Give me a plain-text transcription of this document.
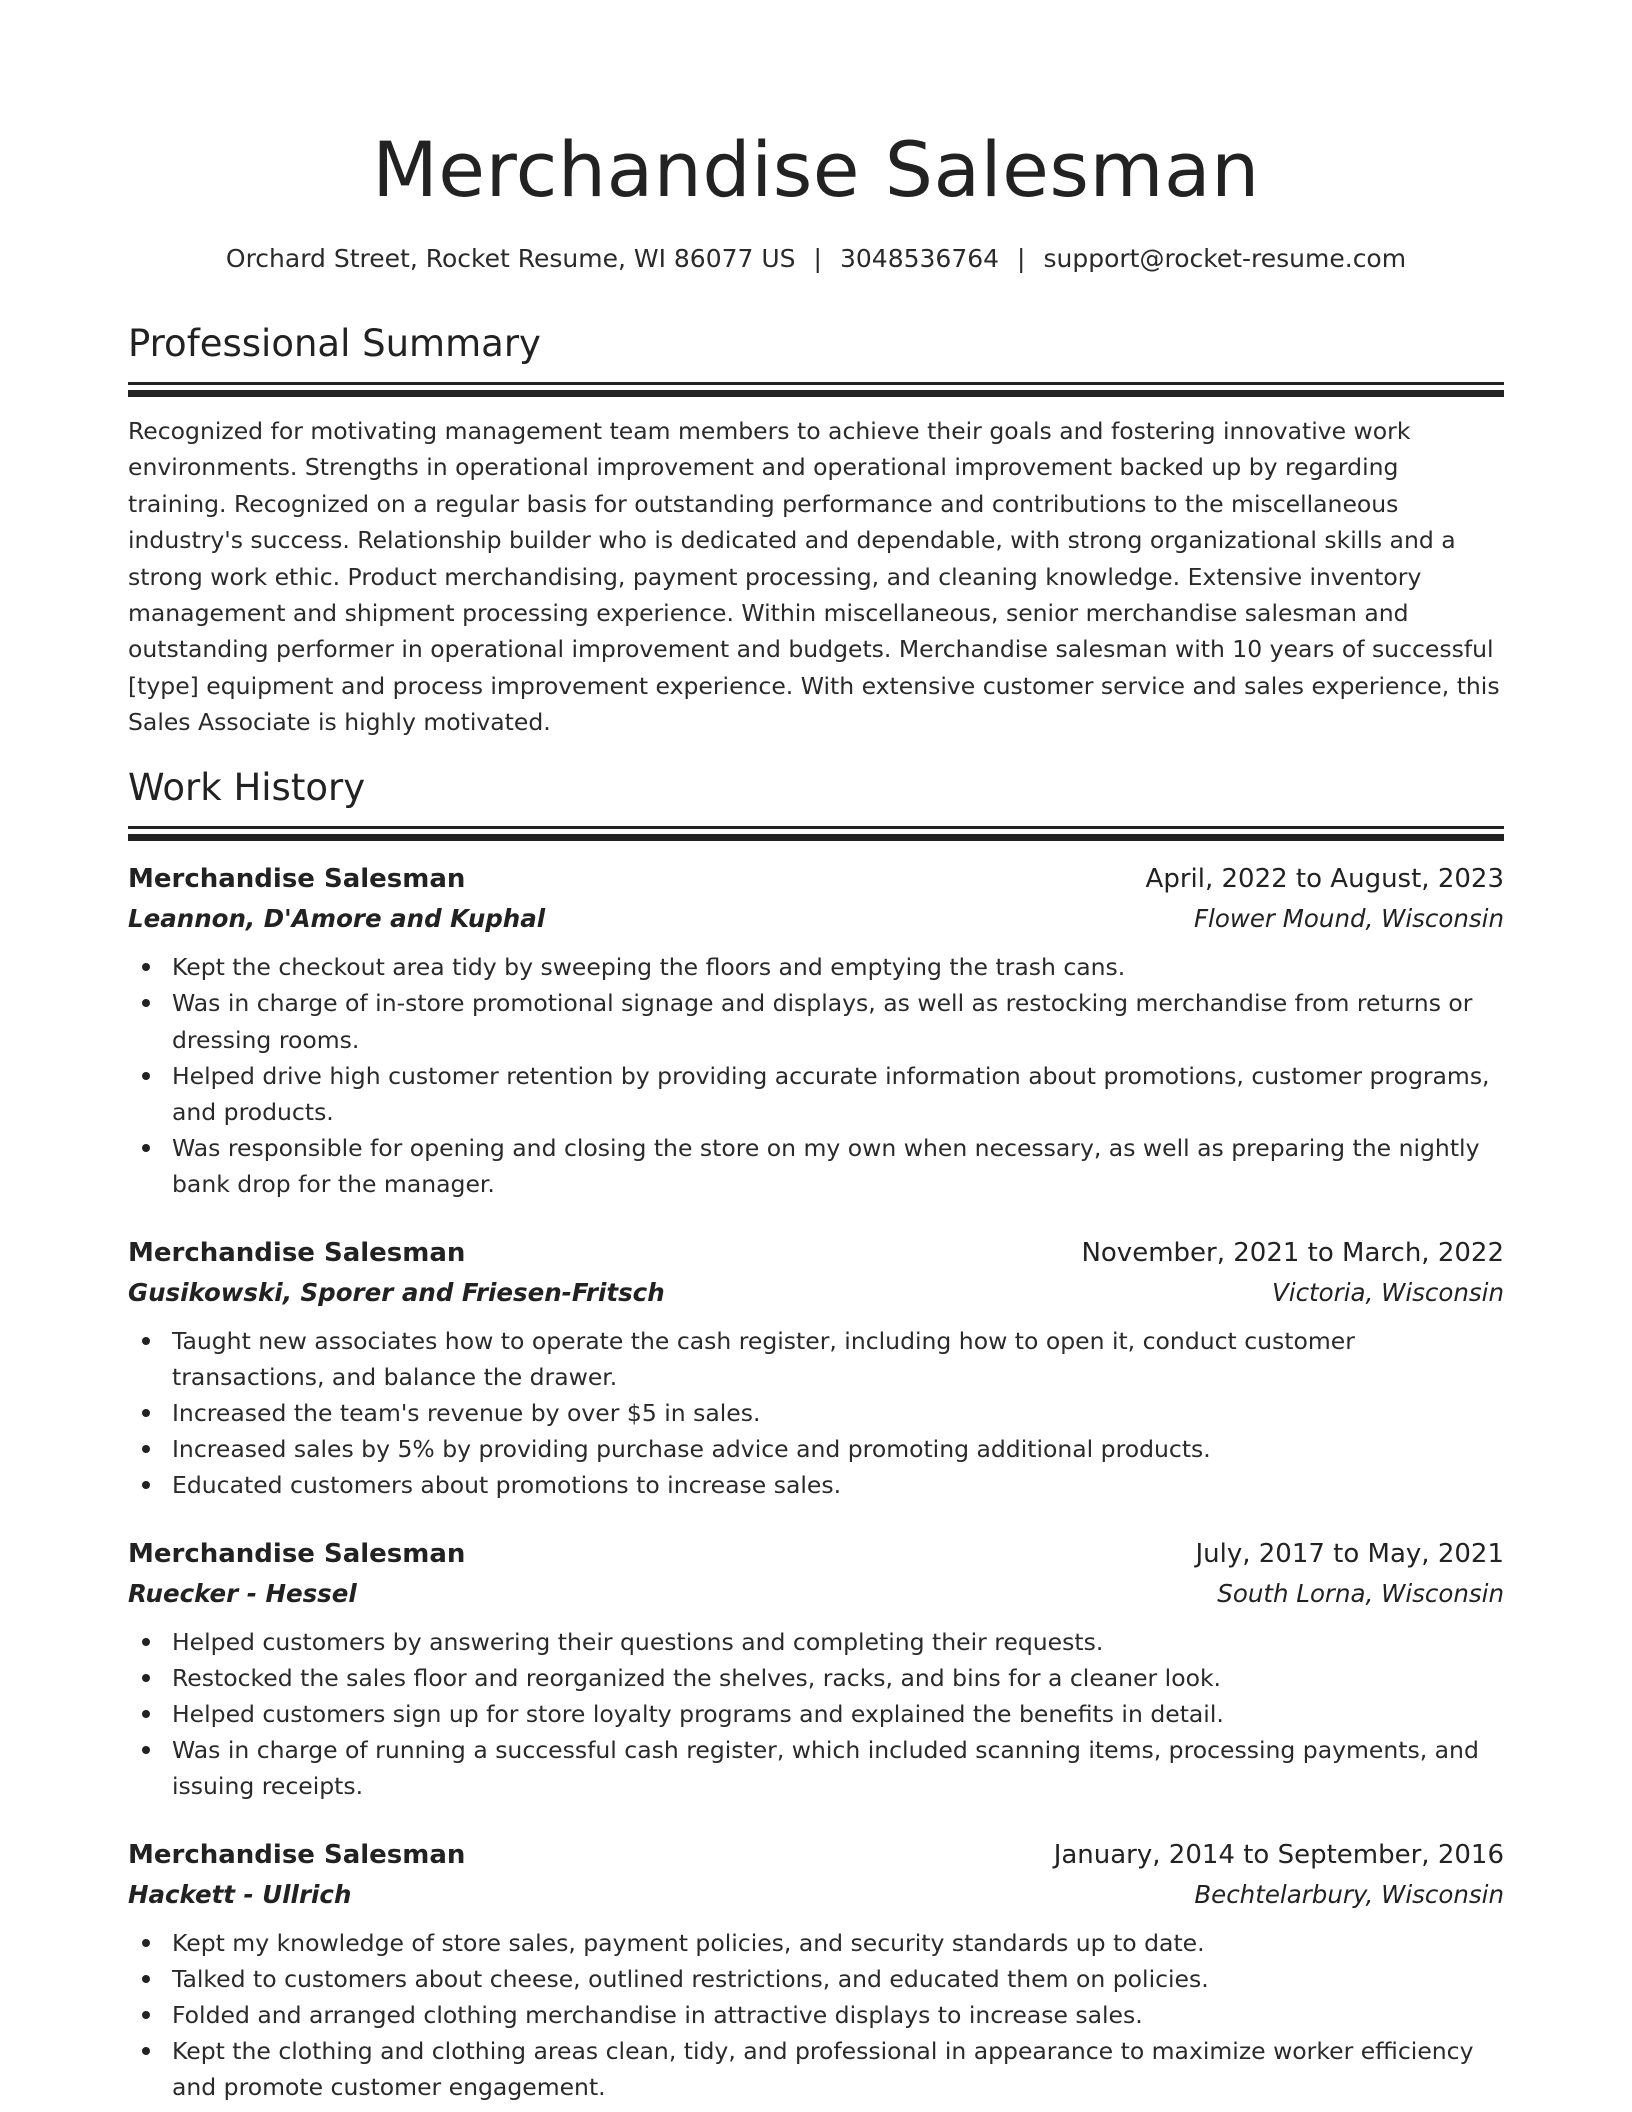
Merchandise Salesman
Orchard Street, Rocket Resume, WI 86077 US | 3048536764 | support@rocket-resume.com
Professional Summary

Recognized for motivating management team members to achieve their goals and fostering innovative work environments. Strengths in operational improvement and operational improvement backed up by regarding training. Recognized on a regular basis for outstanding performance and contributions to the miscellaneous industry's success. Relationship builder who is dedicated and dependable, with strong organizational skills and a strong work ethic. Product merchandising, payment processing, and cleaning knowledge. Extensive inventory management and shipment processing experience. Within miscellaneous, senior merchandise salesman and outstanding performer in operational improvement and budgets. Merchandise salesman with 10 years of successful [type] equipment and process improvement experience. With extensive customer service and sales experience, this Sales Associate is highly motivated.

Work History
Merchandise Salesman	April, 2022 to August, 2023
Leannon, D'Amore and Kuphal	Flower Mound, Wisconsin
Kept the checkout area tidy by sweeping the floors and emptying the trash cans.
Was in charge of in-store promotional signage and displays, as well as restocking merchandise from returns or dressing rooms.
Helped drive high customer retention by providing accurate information about promotions, customer programs, and products.
Was responsible for opening and closing the store on my own when necessary, as well as preparing the nightly bank drop for the manager.
Merchandise Salesman	November, 2021 to March, 2022
Gusikowski, Sporer and Friesen-Fritsch	Victoria, Wisconsin
Taught new associates how to operate the cash register, including how to open it, conduct customer transactions, and balance the drawer.
Increased the team's revenue by over $5 in sales.
Increased sales by 5% by providing purchase advice and promoting additional products.
Educated customers about promotions to increase sales.
Merchandise Salesman	July, 2017 to May, 2021
Ruecker - Hessel	South Lorna, Wisconsin
Helped customers by answering their questions and completing their requests.
Restocked the sales floor and reorganized the shelves, racks, and bins for a cleaner look.
Helped customers sign up for store loyalty programs and explained the benefits in detail.
Was in charge of running a successful cash register, which included scanning items, processing payments, and issuing receipts.
Merchandise Salesman	January, 2014 to September, 2016
Hackett - Ullrich	Bechtelarbury, Wisconsin
Kept my knowledge of store sales, payment policies, and security standards up to date.
Talked to customers about cheese, outlined restrictions, and educated them on policies.
Folded and arranged clothing merchandise in attractive displays to increase sales.
Kept the clothing and clothing areas clean, tidy, and professional in appearance to maximize worker efficiency and promote customer engagement.
